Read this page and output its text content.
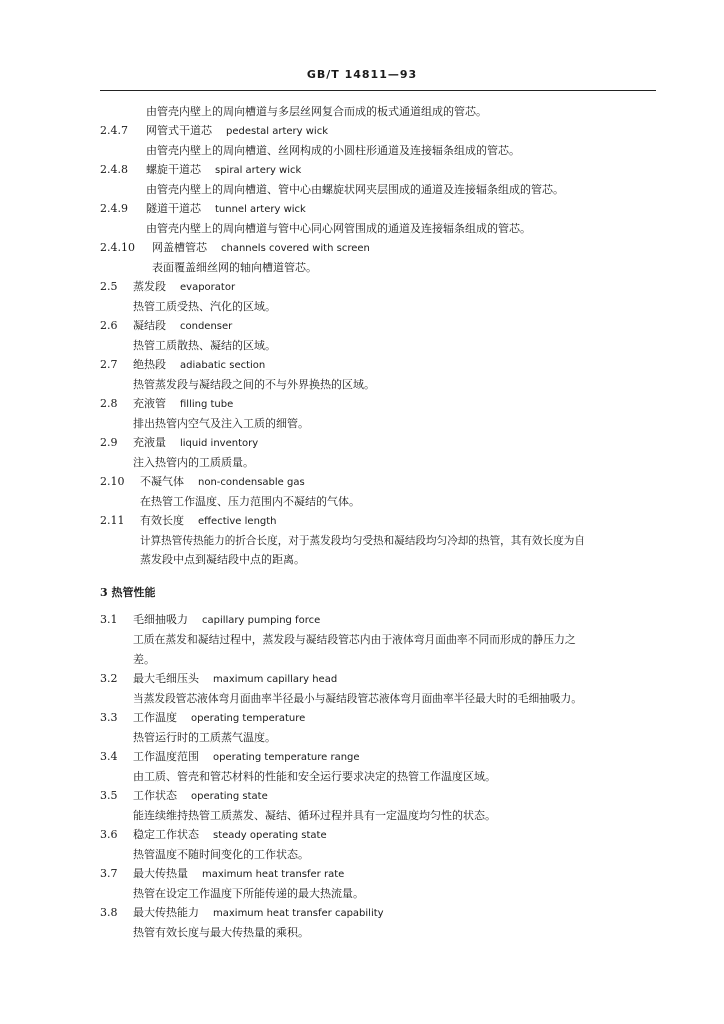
GB/T 14811—93
由管壳内壁上的周向槽道与多层丝网复合而成的板式通道组成的管芯。
2.4.7 网管式干道芯 pedestal artery wick
由管壳内壁上的周向槽道、丝网构成的小圆柱形通道及连接辐条组成的管芯。
2.4.8 螺旋干道芯 spiral artery wick
由管壳内壁上的周向槽道、管中心由螺旋状网夹层围成的通道及连接辐条组成的管芯。
2.4.9 隧道干道芯 tunnel artery wick
由管壳内壁上的周向槽道与管中心同心网管围成的通道及连接辐条组成的管芯。
2.4.10 网盖槽管芯 channels covered with screen
表面覆盖细丝网的轴向槽道管芯。
2.5 蒸发段 evaporator
热管工质受热、汽化的区域。
2.6 凝结段 condenser
热管工质散热、凝结的区域。
2.7 绝热段 adiabatic section
热管蒸发段与凝结段之间的不与外界换热的区域。
2.8 充液管 filling tube
排出热管内空气及注入工质的细管。
2.9 充液量 liquid inventory
注入热管内的工质质量。
2.10 不凝气体 non-condensable gas
在热管工作温度、压力范围内不凝结的气体。
2.11 有效长度 effective length
计算热管传热能力的折合长度，对于蒸发段均匀受热和凝结段均匀冷却的热管，其有效长度为自
蒸发段中点到凝结段中点的距离。
3 热管性能
3.1 毛细抽吸力 capillary pumping force
工质在蒸发和凝结过程中，蒸发段与凝结段管芯内由于液体弯月面曲率不同而形成的静压力之
差。
3.2 最大毛细压头 maximum capillary head
当蒸发段管芯液体弯月面曲率半径最小与凝结段管芯液体弯月面曲率半径最大时的毛细抽吸力。
3.3 工作温度 operating temperature
热管运行时的工质蒸气温度。
3.4 工作温度范围 operating temperature range
由工质、管壳和管芯材料的性能和安全运行要求决定的热管工作温度区域。
3.5 工作状态 operating state
能连续维持热管工质蒸发、凝结、循环过程并具有一定温度均匀性的状态。
3.6 稳定工作状态 steady operating state
热管温度不随时间变化的工作状态。
3.7 最大传热量 maximum heat transfer rate
热管在设定工作温度下所能传递的最大热流量。
3.8 最大传热能力 maximum heat transfer capability
热管有效长度与最大传热量的乘积。
